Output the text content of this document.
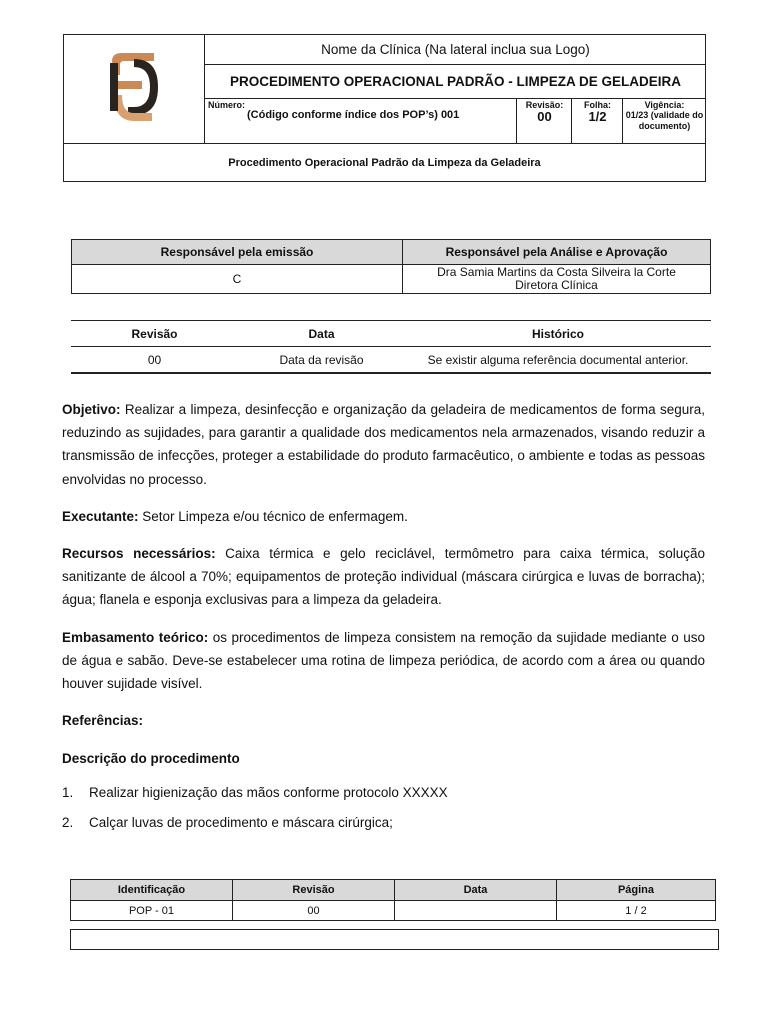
Nome da Clínica (Na lateral inclua sua Logo)
PROCEDIMENTO OPERACIONAL PADRÃO - LIMPEZA DE GELADEIRA
Número:
(Código conforme índice dos POP’s) 001
Revisão:
00
Folha:
1/2
Vigência:
01/23 (validade do documento)
Procedimento Operacional Padrão da Limpeza da Geladeira
Responsável pela emissão	Responsável pela Análise e Aprovação
C	Dra Samia Martins da Costa Silveira la Corte
Diretora Clínica
Revisão	Data	Histórico
00	Data da revisão	Se existir alguma referência documental anterior.
Objetivo: Realizar a limpeza, desinfecção e organização da geladeira de medicamentos de forma segura, reduzindo as sujidades, para garantir a qualidade dos medicamentos nela armazenados, visando reduzir a transmissão de infecções, proteger a estabilidade do produto farmacêutico, o ambiente e todas as pessoas envolvidas no processo.
Executante: Setor Limpeza e/ou técnico de enfermagem.
Recursos necessários: Caixa térmica e gelo reciclável, termômetro para caixa térmica, solução sanitizante de álcool a 70%; equipamentos de proteção individual (máscara cirúrgica e luvas de borracha); água; flanela e esponja exclusivas para a limpeza da geladeira.
Embasamento teórico: os procedimentos de limpeza consistem na remoção da sujidade mediante o uso de água e sabão. Deve-se estabelecer uma rotina de limpeza periódica, de acordo com a área ou quando houver sujidade visível.
Referências:
Descrição do procedimento
1. Realizar higienização das mãos conforme protocolo XXXXX
2. Calçar luvas de procedimento e máscara cirúrgica;
Identificação	Revisão	Data	Página
POP - 01	00		1 / 2
